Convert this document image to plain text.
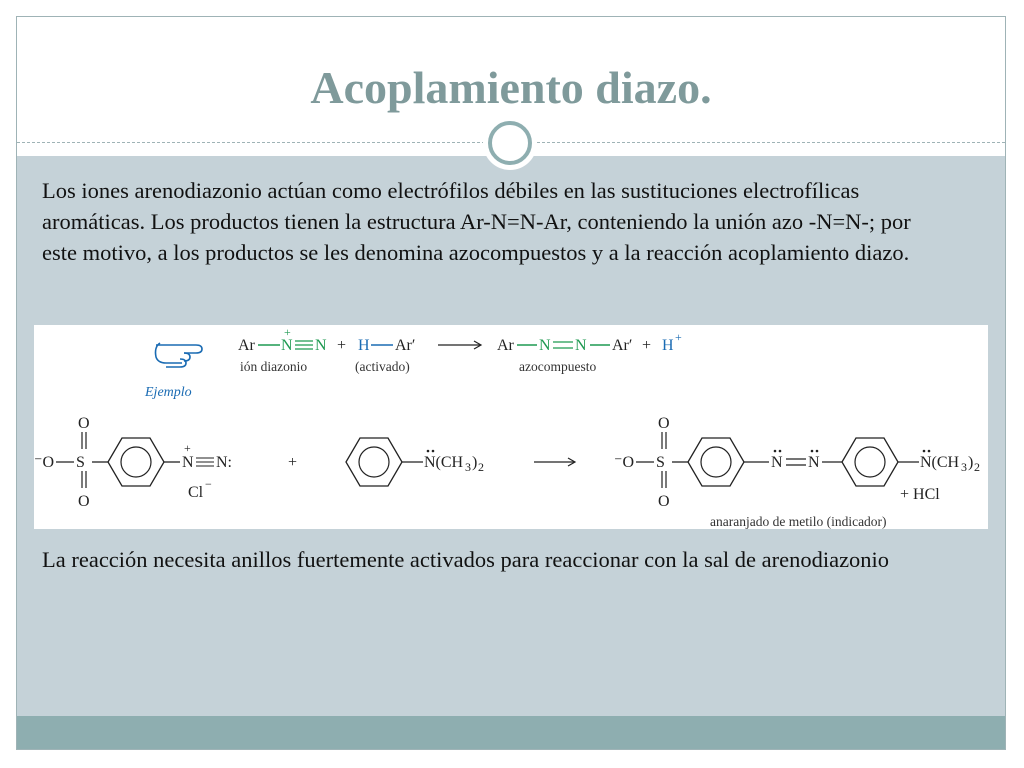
Acoplamiento diazo.

Los iones arenodiazonio actúan como electrófilos débiles en las sustituciones electrofílicas aromáticas. Los productos tienen la estructura Ar-N=N-Ar, conteniendo la unión azo -N=N-; por este motivo, a los productos se les denomina azocompuestos y a la reacción acoplamiento diazo.

Ar N
+
N + H Ar′	Ar N N Ar′ + H +
ión diazonio	(activado)	azocompuesto
Ejemplo
⁻O S
O
O
N
+
N:
Cl −
+	N(CH 3 ) 2	⁻O S
O
O
N N	N(CH 3 ) 2
+ HCl
anaranjado de metilo (indicador)

La reacción necesita anillos fuertemente activados para reaccionar con la sal de arenodiazonio
